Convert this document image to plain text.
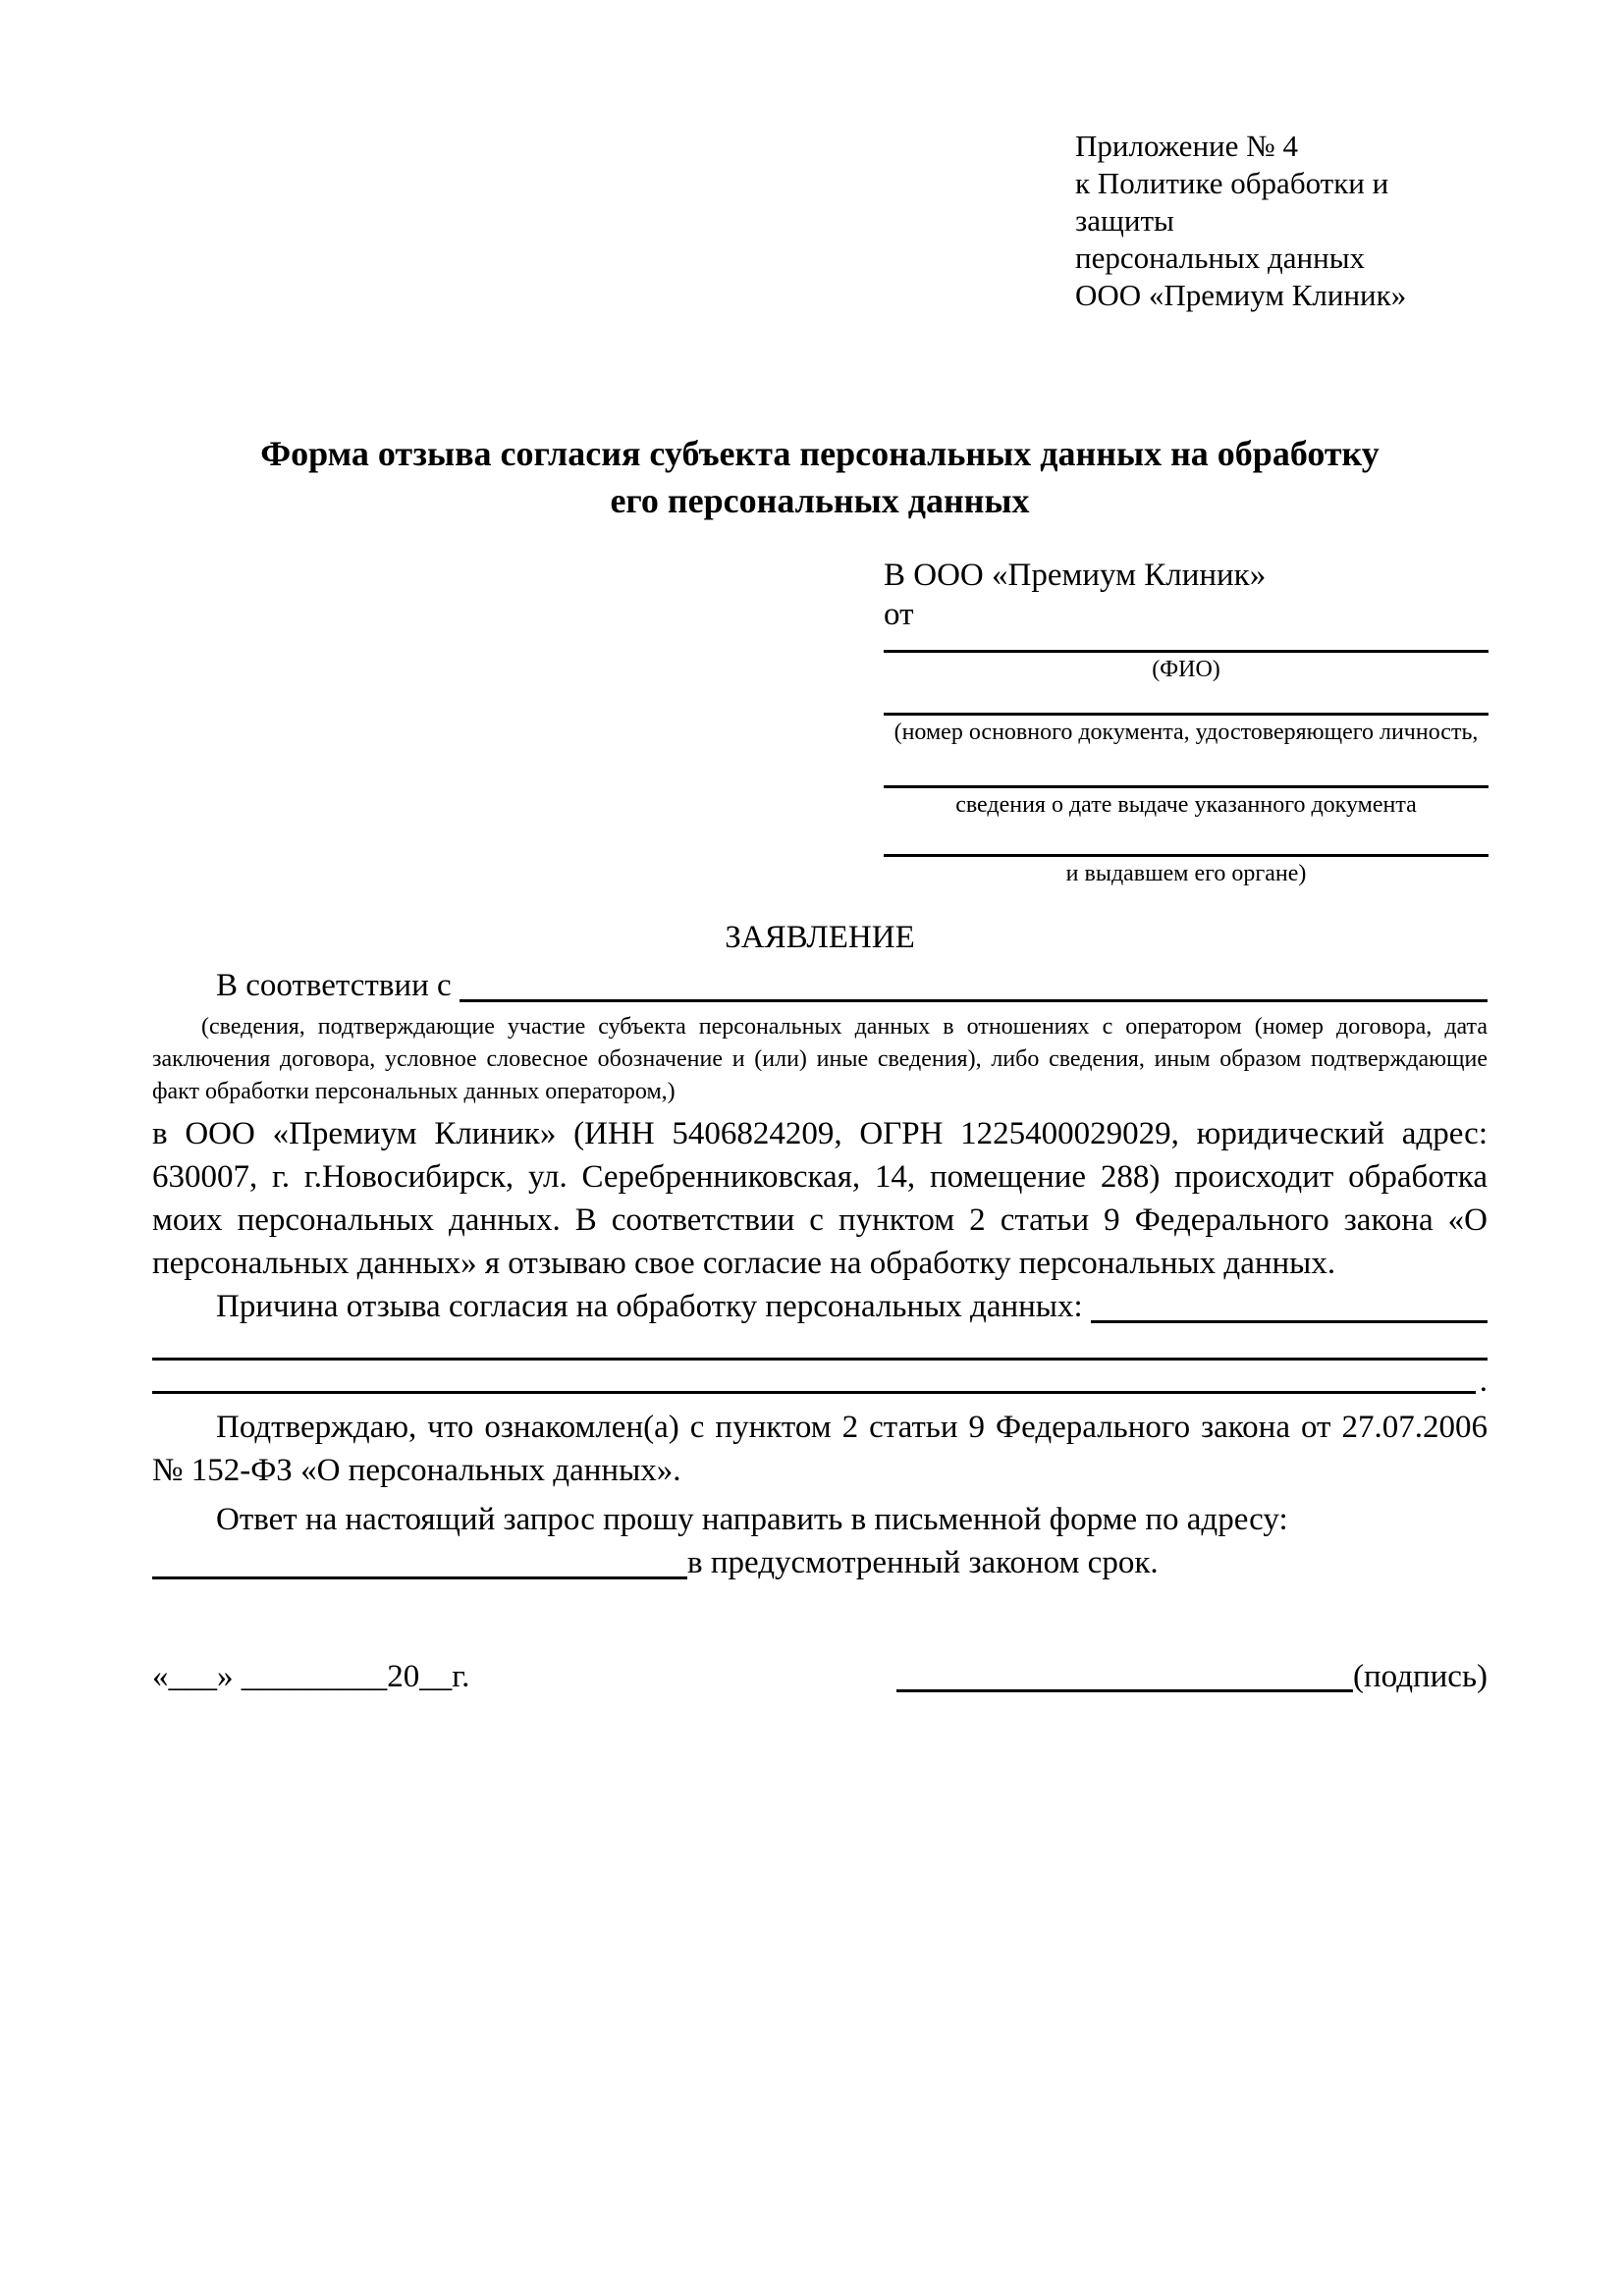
Приложение № 4
к Политике обработки и защиты
персональных данных
ООО «Премиум Клиник»
Форма отзыва согласия субъекта персональных данных на обработку
его персональных данных
В ООО «Премиум Клиник»
от
(ФИО)
(номер основного документа, удостоверяющего личность,
сведения о дате выдаче указанного документа
и выдавшем его органе)
ЗАЯВЛЕНИЕ
В соответствии с
(сведения, подтверждающие участие субъекта персональных данных в отношениях с оператором (номер договора, дата заключения договора, условное словесное обозначение и (или) иные сведения), либо сведения, иным образом подтверждающие факт обработки персональных данных оператором,)
в ООО «Премиум Клиник» (ИНН 5406824209, ОГРН 1225400029029, юридический адрес: 630007, г. г.Новосибирск, ул. Серебренниковская, 14, помещение 288) происходит обработка моих персональных данных. В соответствии с пунктом 2 статьи 9 Федерального закона «О персональных данных» я отзываю свое согласие на обработку персональных данных.
Причина отзыва согласия на обработку персональных данных:
.
Подтверждаю, что ознакомлен(а) с пунктом 2 статьи 9 Федерального закона от 27.07.2006 № 152-ФЗ «О персональных данных».
Ответ на настоящий запрос прошу направить в письменной форме по адресу:
в предусмотренный законом срок.
«___» _________20__г.	(подпись)
